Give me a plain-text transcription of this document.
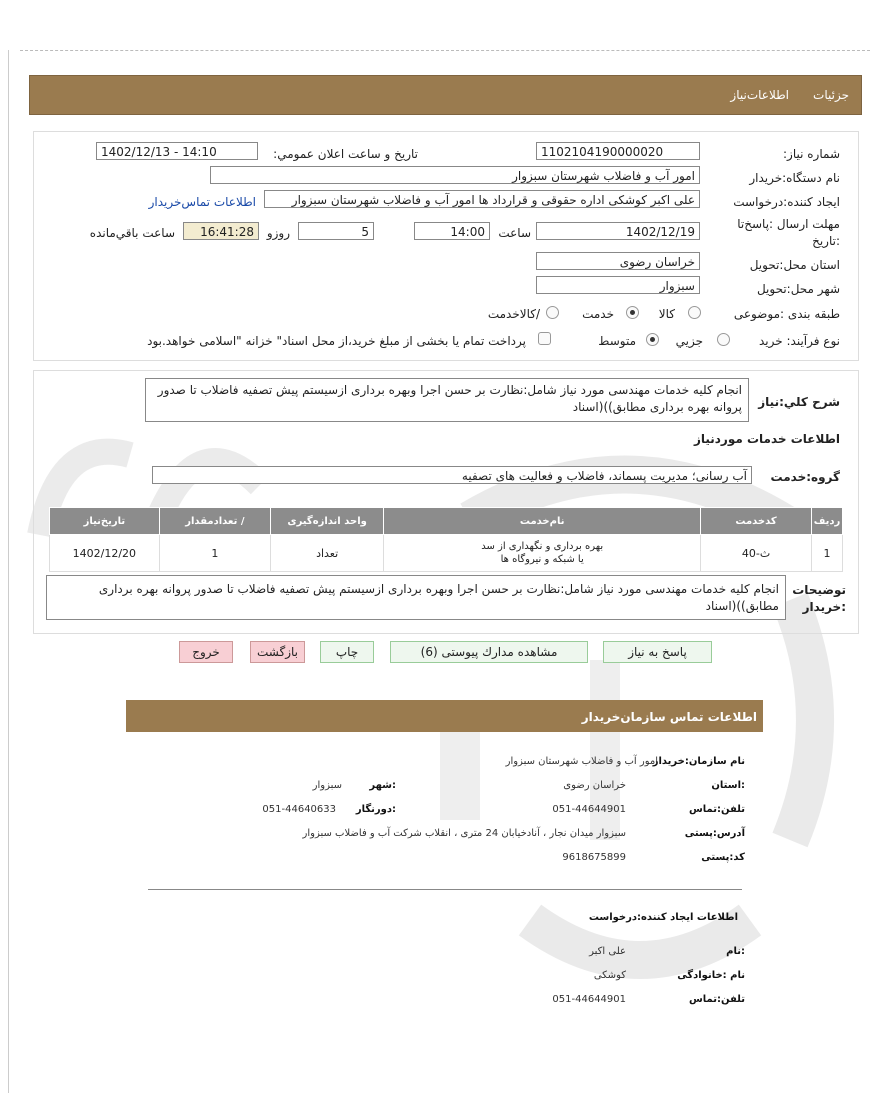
جزئیات
اطلاعات‌نیاز
شماره نیاز:
1102104190000020
تاریخ و ساعت اعلان عمومي:
1402/12/13 - 14:10
نام دستگاه:خريدار
امور آب و فاضلاب شهرستان سبزوار
ايجاد كننده:درخواست
علی اکبر کوشکی اداره حقوقی و قرارداد ها امور آب و فاضلاب شهرستان سبزوار
اطلاعات تماس‌خريدار
مهلت ارسال :پاسخ‌تا
:تاريخ
1402/12/19
ساعت
14:00
5
روزو
16:41:28
ساعت باقي‌مانده
استان محل:تحويل
خراسان رضوی
شهر محل:تحويل
سبزوار
طبقه بندی :موضوعی
كالا
خدمت
/كالاخدمت
نوع فرآيند: خريد
جزيي
متوسط
پرداخت تمام يا بخشی از مبلغ خريد،از محل اسناد" خزانه "اسلامی خواهد.بود
شرح كلي:نياز
انجام کلیه خدمات مهندسی مورد نیاز شامل:نظارت بر حسن اجرا وبهره برداری ازسیستم پیش تصفیه فاضلاب تا صدور پروانه بهره برداری مطابق))(اسناد
اطلاعات خدمات موردنياز
گروه:خدمت
آب رسانی؛ مدیریت پسماند، فاضلاب و فعالیت های تصفیه
رديف	كدخدمت	نام‌خدمت	واحد اندازه‌گيری	/ تعدادمقدار	تاريخ‌نياز
1	ث-40	بهره برداری و نگهداری از سد
یا شبکه و نیروگاه ها	تعداد	1	1402/12/20
توضيحات
:خريدار
انجام کلیه خدمات مهندسی مورد نیاز شامل:نظارت بر حسن اجرا وبهره برداری ازسیستم پیش تصفیه فاضلاب تا صدور پروانه بهره برداری مطابق))(اسناد
پاسخ به نياز
مشاهده مدارك پيوستی (6)
چاپ
بازگشت
خروج
اطلاعات تماس سازمان‌خریدار
نام سازمان:خریدار
امور آب و فاضلاب شهرستان سبزوار
:استان
خراسان رضوی
:شهر
سبزوار
تلفن:تماس
051-44644901
:دورنگار
051-44640633
آدرس:پستی
سبزوار میدان نجار ، آنادخیابان 24 متری ، انقلاب شرکت آب و فاضلاب سبزوار
کد:پستی
9618675899
اطلاعات ایجاد کننده:درخواست
:نام
علی اکبر
نام :خانوادگی
کوشکی
تلفن:تماس
051-44644901
